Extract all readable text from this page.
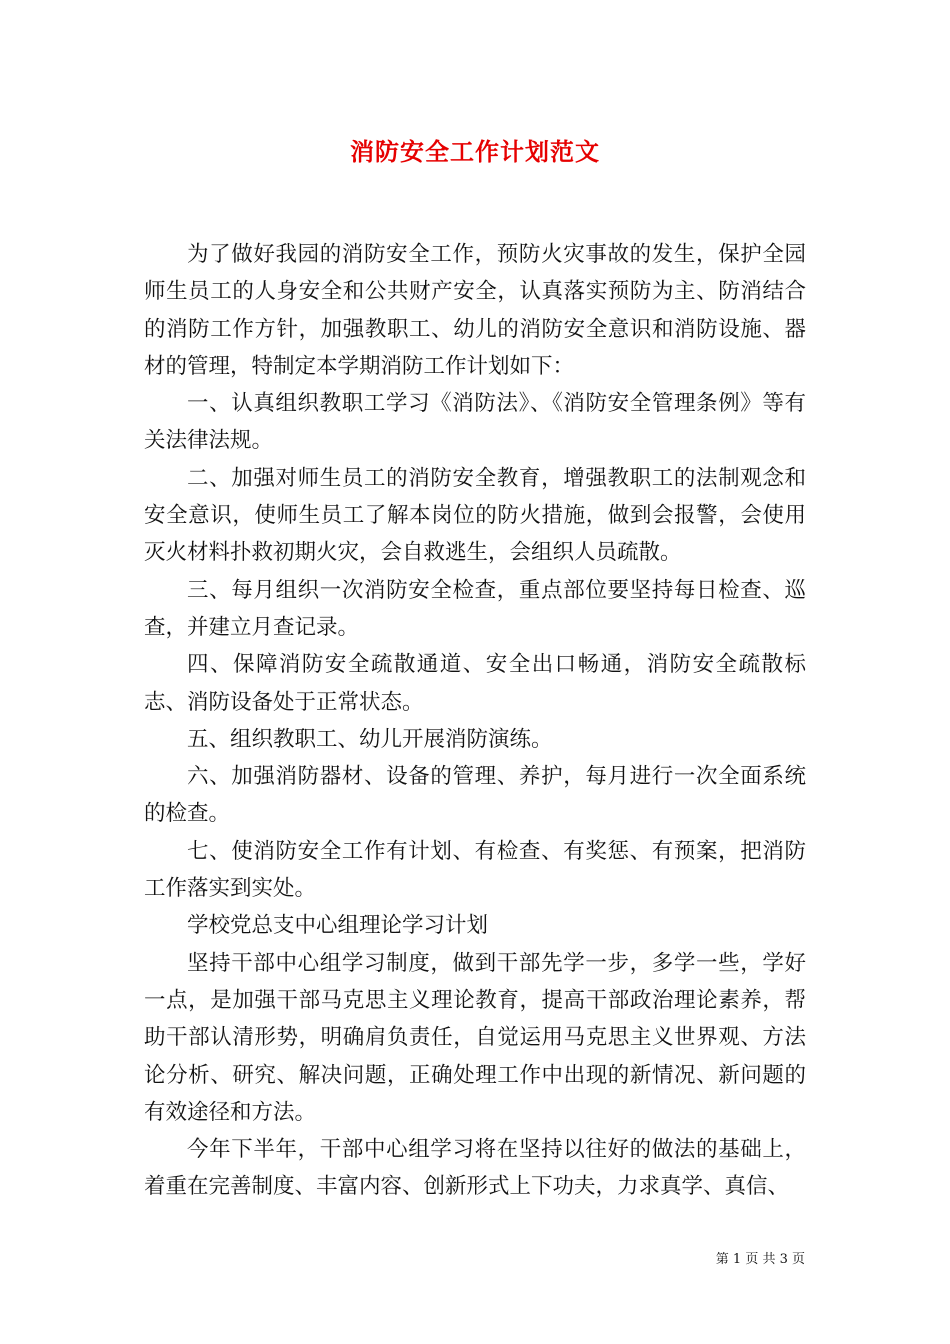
消防安全工作计划范文

为了做好我园的消防安全工作，预防火灾事故的发生，保护全园师生员工的人身安全和公共财产安全，认真落实预防为主、防消结合的消防工作方针，加强教职工、幼儿的消防安全意识和消防设施、器材的管理，特制定本学期消防工作计划如下：

一、认真组织教职工学习《消防法》、《消防安全管理条例》等有关法律法规。

二、加强对师生员工的消防安全教育，增强教职工的法制观念和安全意识，使师生员工了解本岗位的防火措施，做到会报警，会使用灭火材料扑救初期火灾，会自救逃生，会组织人员疏散。

三、每月组织一次消防安全检查，重点部位要坚持每日检查、巡查，并建立月查记录。

四、保障消防安全疏散通道、安全出口畅通，消防安全疏散标志、消防设备处于正常状态。

五、组织教职工、幼儿开展消防演练。

六、加强消防器材、设备的管理、养护，每月进行一次全面系统的检查。

七、使消防安全工作有计划、有检查、有奖惩、有预案，把消防工作落实到实处。

学校党总支中心组理论学习计划

坚持干部中心组学习制度，做到干部先学一步，多学一些，学好一点，是加强干部马克思主义理论教育，提高干部政治理论素养，帮助干部认清形势，明确肩负责任，自觉运用马克思主义世界观、方法论分析、研究、解决问题，正确处理工作中出现的新情况、新问题的有效途径和方法。

今年下半年，干部中心组学习将在坚持以往好的做法的基础上，着重在完善制度、丰富内容、创新形式上下功夫，力求真学、真信、

第 1 页 共 3 页
